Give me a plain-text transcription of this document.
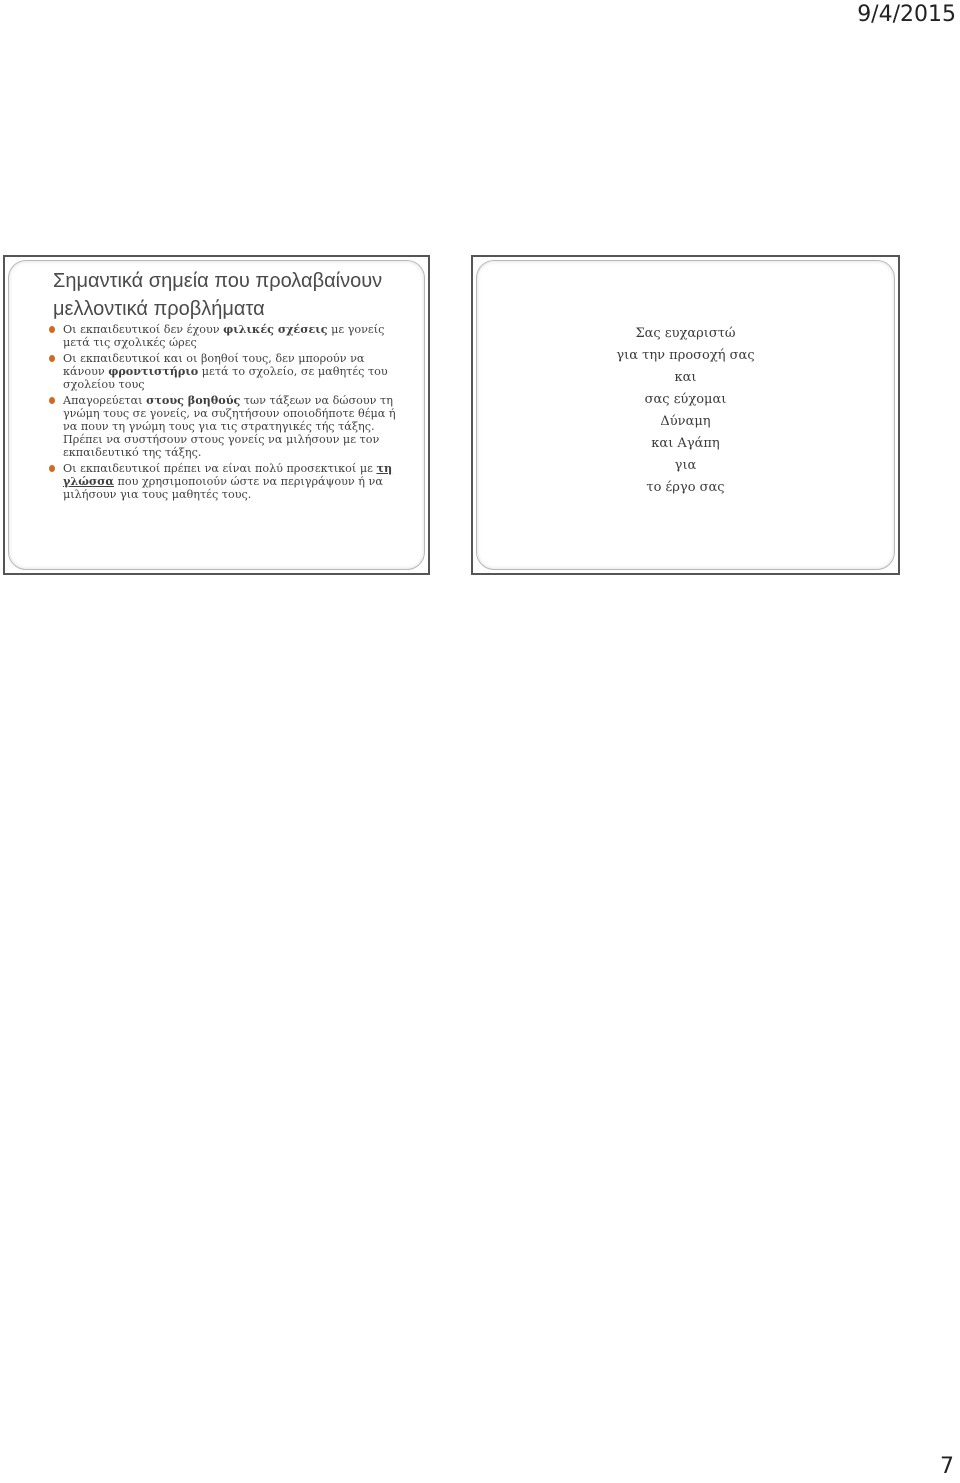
9/4/2015
Σημαντικά σημεία που προλαβαίνουν
μελλοντικά προβλήματα
Οι εκπαιδευτικοί δεν έχουν φιλικές σχέσεις με γονείς μετά τις σχολικές ώρες
Οι εκπαιδευτικοί και οι βοηθοί τους, δεν μπορούν να κάνουν φροντιστήριο μετά το σχολείο, σε μαθητές του σχολείου τους
Απαγορεύεται στους βοηθούς των τάξεων να δώσουν τη γνώμη τους σε γονείς, να συζητήσουν οποιοδήποτε θέμα ή να πουν τη γνώμη τους για τις στρατηγικές τής τάξης. Πρέπει να συστήσουν στους γονείς να μιλήσουν με τον εκπαιδευτικό της τάξης.
Οι εκπαιδευτικοί πρέπει να είναι πολύ προσεκτικοί με τη γλώσσα που χρησιμοποιούν ώστε να περιγράψουν ή να μιλήσουν για τους μαθητές τους.
Σας ευχαριστώ
για την προσοχή σας
και
σας εύχομαι
Δύναμη
και Αγάπη
για
το έργο σας
7
